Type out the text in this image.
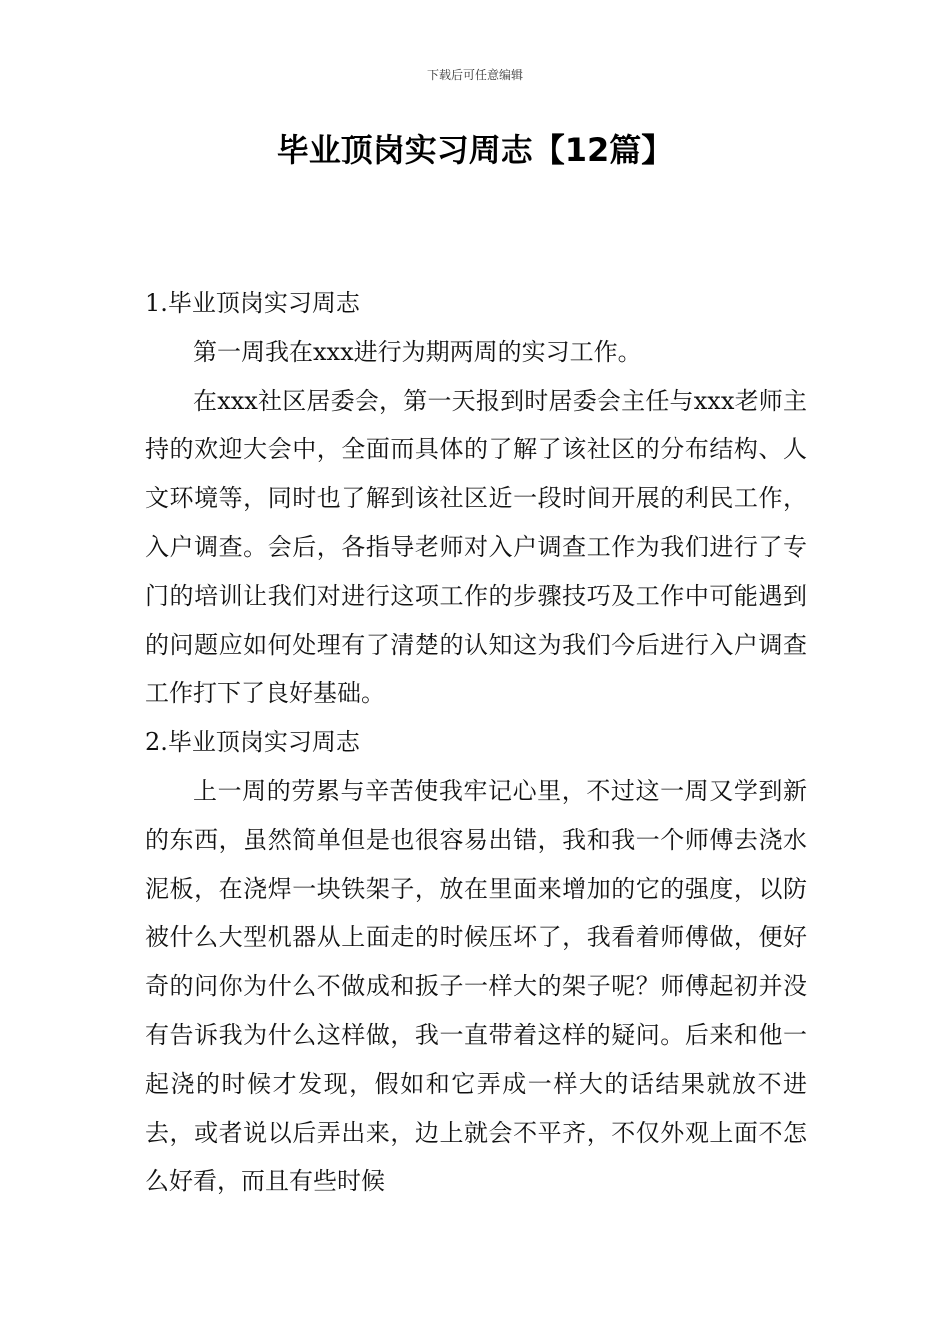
下载后可任意编辑
毕业顶岗实习周志【12篇】
1.毕业顶岗实习周志

第一周我在xxx进行为期两周的实习工作。

在xxx社区居委会，第一天报到时居委会主任与xxx老师主持的欢迎大会中，全面而具体的了解了该社区的分布结构、人文环境等，同时也了解到该社区近一段时间开展的利民工作，入户调查。会后，各指导老师对入户调查工作为我们进行了专门的培训让我们对进行这项工作的步骤技巧及工作中可能遇到的问题应如何处理有了清楚的认知这为我们今后进行入户调查工作打下了良好基础。

2.毕业顶岗实习周志

上一周的劳累与辛苦使我牢记心里，不过这一周又学到新的东西，虽然简单但是也很容易出错，我和我一个师傅去浇水泥板，在浇焊一块铁架子，放在里面来增加的它的强度，以防被什么大型机器从上面走的时候压坏了，我看着师傅做，便好奇的问你为什么不做成和扳子一样大的架子呢？师傅起初并没有告诉我为什么这样做，我一直带着这样的疑问。后来和他一起浇的时候才发现，假如和它弄成一样大的话结果就放不进去，或者说以后弄出来，边上就会不平齐，不仅外观上面不怎么好看，而且有些时候
